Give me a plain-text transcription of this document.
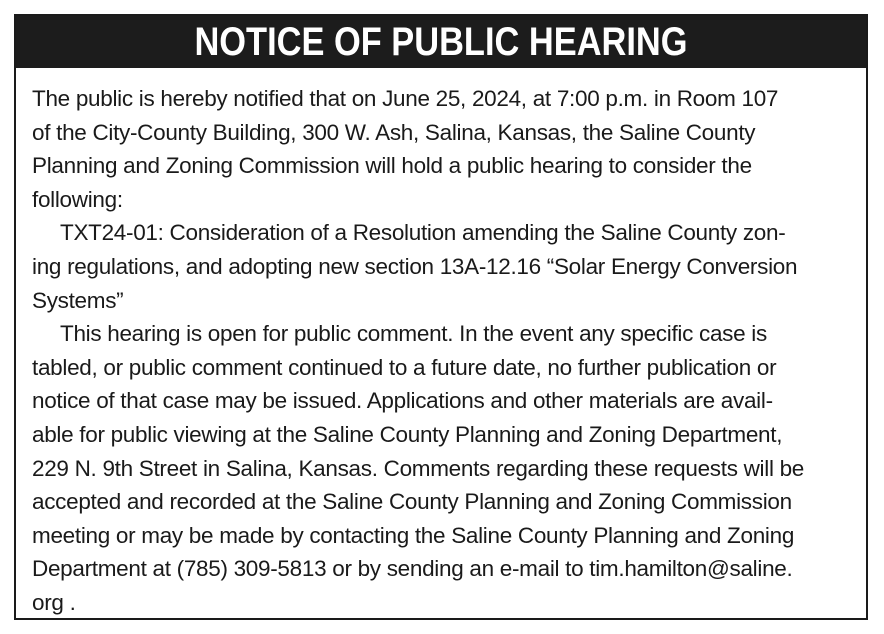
NOTICE OF PUBLIC HEARING
The public is hereby notified that on June 25, 2024, at 7:00 p.m. in Room 107
of the City-County Building, 300 W. Ash, Salina, Kansas, the Saline County
Planning and Zoning Commission will hold a public hearing to consider the
following:
TXT24-01: Consideration of a Resolution amending the Saline County zon-
ing regulations, and adopting new section 13A-12.16 “Solar Energy Conversion
Systems”
This hearing is open for public comment. In the event any specific case is
tabled, or public comment continued to a future date, no further publication or
notice of that case may be issued. Applications and other materials are avail-
able for public viewing at the Saline County Planning and Zoning Department,
229 N. 9th Street in Salina, Kansas. Comments regarding these requests will be
accepted and recorded at the Saline County Planning and Zoning Commission
meeting or may be made by contacting the Saline County Planning and Zoning
Department at (785) 309-5813 or by sending an e-mail to tim.hamilton@saline.
org .
